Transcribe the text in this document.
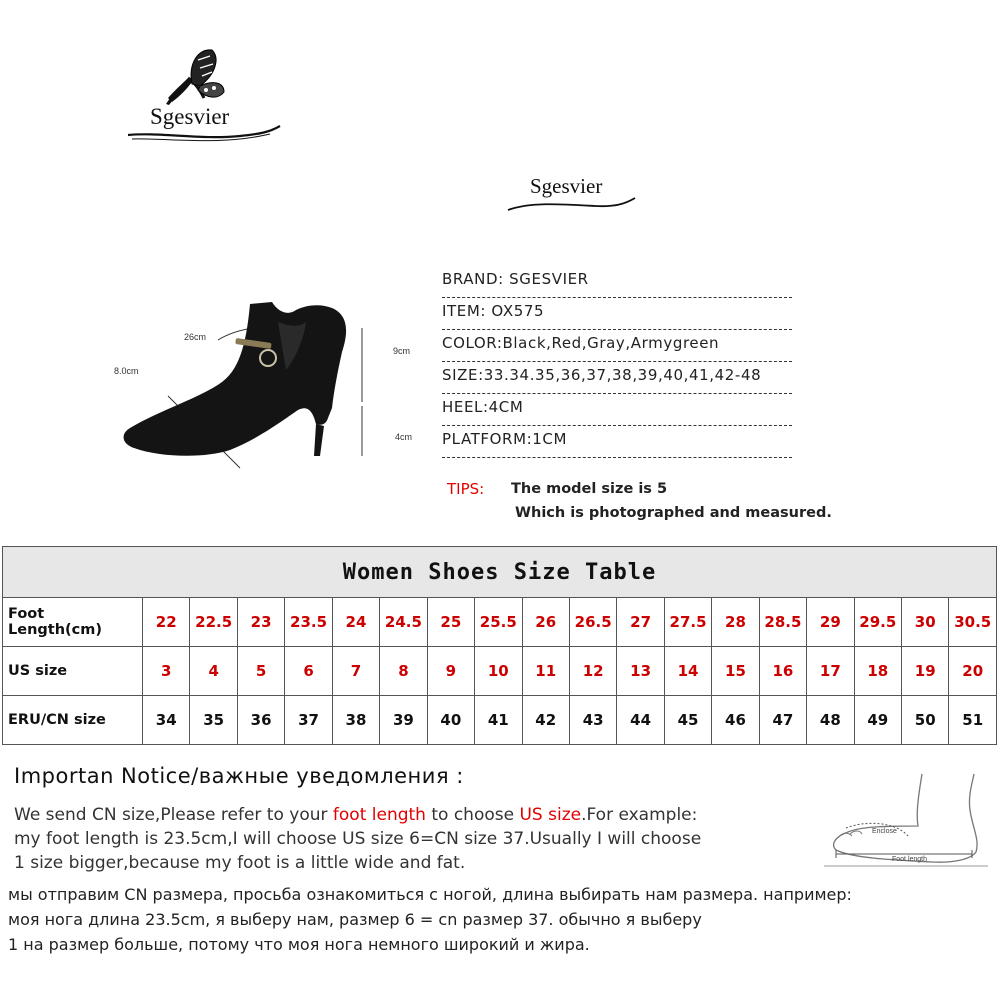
Sgesvier
Sgesvier
26cm
8.0cm
9cm
4cm
BRAND: SGESVIER
ITEM: OX575
COLOR:Black,Red,Gray,Armygreen
SIZE:33.34.35,36,37,38,39,40,41,42-48
HEEL:4CM
PLATFORM:1CM
TIPS: The model size is 5
Which is photographed and measured.
Women Shoes Size Table																		
Foot Length(cm)	22	22.5	23	23.5	24	24.5	25	25.5	26	26.5	27	27.5	28	28.5	29	29.5	30	30.5
US size	3	4	5	6	7	8	9	10	11	12	13	14	15	16	17	18	19	20
ERU/CN size	34	35	36	37	38	39	40	41	42	43	44	45	46	47	48	49	50	51
Importan Notice/важные уведомления :
We send CN size,Please refer to your foot length to choose US size.For example:
my foot length is 23.5cm,I will choose US size 6=CN size 37.Usually I will choose
1 size bigger,because my foot is a little wide and fat.
мы отправим CN размера, просьба ознакомиться с ногой, длина выбирать нам размера. например:
моя нога длина 23.5cm, я выберу нам, размер 6 = cn размер 37. обычно я выберу
1 на размер больше, потому что моя нога немного широкий и жира.
Enclose
Foot length
